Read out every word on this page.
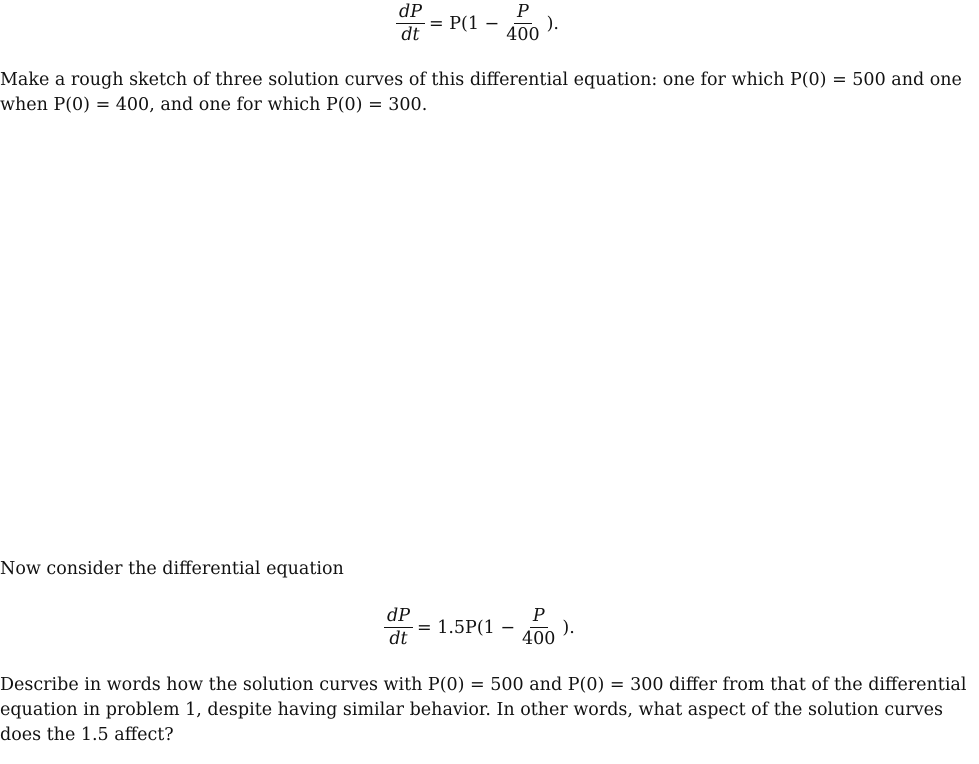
$\frac{dP}{dt} = P(1 - \frac{P}{400}$ ).
Make a rough sketch of three solution curves of this differential equation: one for which P(0) = 500 and one
when P(0) = 400, and one for which P(0) = 300.
Now consider the differential equation
$\frac{dP}{dt} = 1.5P(1 - \frac{P}{400}$ ).
Describe in words how the solution curves with P(0) = 500 and P(0) = 300 differ from that of the differential
equation in problem 1, despite having similar behavior. In other words, what aspect of the solution curves
does the 1.5 affect?
